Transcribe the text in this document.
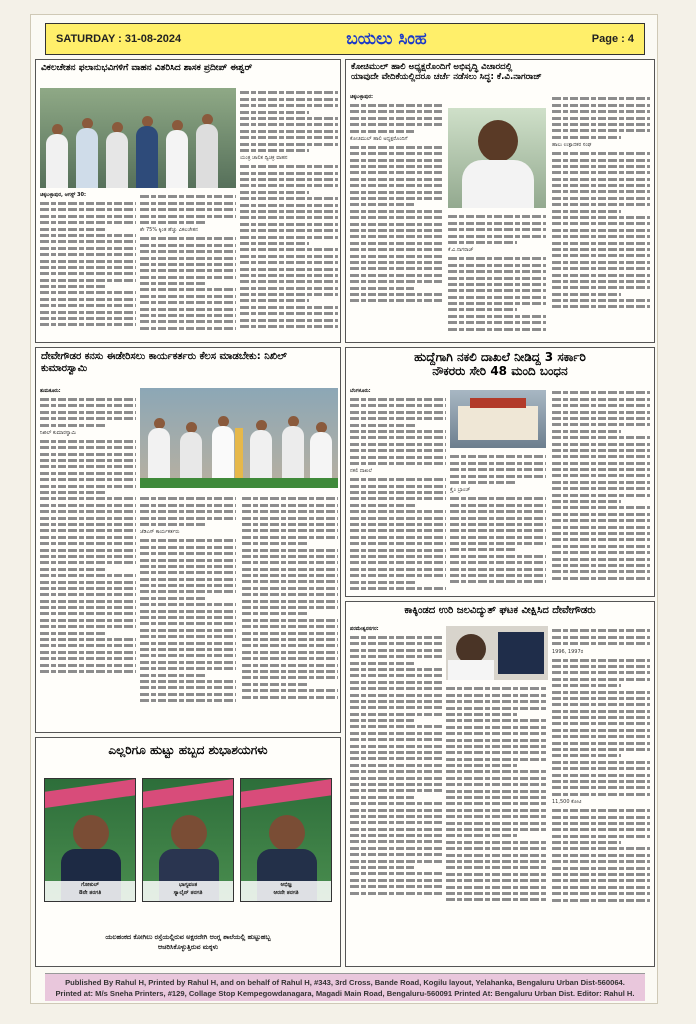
SATURDAY : 31-08-2024	ಬಯಲು ಸಿಂಹ	Page : 4
ವಿಕಲಚೇತನ ಫಲಾನುಭವಿಗಳಿಗೆ ವಾಹನ ವಿತರಿಸಿದ ಶಾಸಕ ಪ್ರದೀಪ್ ಈಶ್ವರ್
ಯಂತ್ರ ಚಾಲಿತ ದ್ವಿಚಕ್ರ ವಾಹನ
ಚಿಕ್ಕಬಳ್ಳಾಪುರ, ಆಗಸ್ಟ್ 30:
ಶೇ 75% ಕ್ಕಿಂತ ಹೆಚ್ಚು ವಿಕಲಚೇತನ
ಕೋಚಿಮುಲ್ ಹಾಲಿ ಅಧ್ಯಕ್ಷರೊಂದಿಗೆ ಅಭಿವೃದ್ಧಿ ವಿಚಾರದಲ್ಲಿ
ಯಾವುದೇ ವೇದಿಕೆಯಲ್ಲಿದರೂ ಚರ್ಚೆ ನಡೆಸಲು ಸಿದ್ಧ: ಕೆ.ವಿ.ನಾಗರಾಜ್
ಚಿಕ್ಕಬಳ್ಳಾಪುರ:
ಕೋಚಿಮುಲ್ ಹಾಲಿ ಅಧ್ಯಕ್ಷರೊಂದಿಗೆ
ಕೆ.ವಿ.ನಾಗರಾಜ್
ಹಾಲು ಉತ್ಪಾದಕರ ಸಂಘ
ದೇವೇಗೌಡರ ಕನಸು ಈಡೇರಿಸಲು ಕಾರ್ಯಕರ್ತರು ಕೆಲಸ ಮಾಡಬೇಕು: ನಿಖಿಲ್ ಕುಮಾರಸ್ವಾಮಿ
ತುಮಕೂರು:
ನಿಖಿಲ್ ಕುಮಾರಸ್ವಾಮಿ
ಜೆಡಿಎಸ್ ಕಾರ್ಯಕರ್ತರು
ಹುದ್ದೆಗಾಗಿ ನಕಲಿ ದಾಖಲೆ ನೀಡಿದ್ದ 3 ಸರ್ಕಾರಿ
ನೌಕರರು ಸೇರಿ 48 ಮಂದಿ ಬಂಧನ
ಬೆಂಗಳೂರು:
ನಕಲಿ ದಾಖಲೆ
ಕ್ರೈಂ ಬ್ರಾಂಚ್
ಕಾಕ್ಕಿಂಡದ ಉರಿ ಜಲವಿದ್ಯುತ್ ಘಟಕ ವೀಕ್ಷಿಸಿದ ದೇವೇಗೌಡರು
ಪರಮೇಶ್ವರನಗರ:
1996, 1997ರ
11,500 ಕೋಟಿ
ಎಲ್ಲರಿಗೂ ಹುಟ್ಟು ಹಬ್ಬದ ಶುಭಾಶಯಗಳು
ಗೋಕುಲ್
8ನೇ ತರಗತಿ
ಭಾಗ್ಯವಂತ
ಸ್ಯಾಲೈನ್ ತರಗತಿ
ಅಭಿಜ್ಞ
ಆರನೇ ತರಗತಿ
ಯಲಹಂಕದ ಕೋಗಿಲು ರಸ್ತೆಯಲ್ಲಿರುವ ಅಕ್ಷರದೇಗಿ ಆಂಗ್ಲ ಶಾಲೆಯಲ್ಲಿ ಹುಟ್ಟುಹಬ್ಬ
ಆಚರಿಸಿಕೊಳ್ಳುತ್ತಿರುವ ಮಕ್ಕಳು
Published By Rahul H, Printed by Rahul H, and on behalf of Rahul H, #343, 3rd Cross, Bande Road, Kogilu layout, Yelahanka, Bengaluru Urban Dist-560064.
Printed at: M/s Sneha Printers, #129, Collage Stop Kempegowdanagara, Magadi Main Road, Bengaluru-560091 Printed At: Bengaluru Urban Dist. Editor: Rahul H.
